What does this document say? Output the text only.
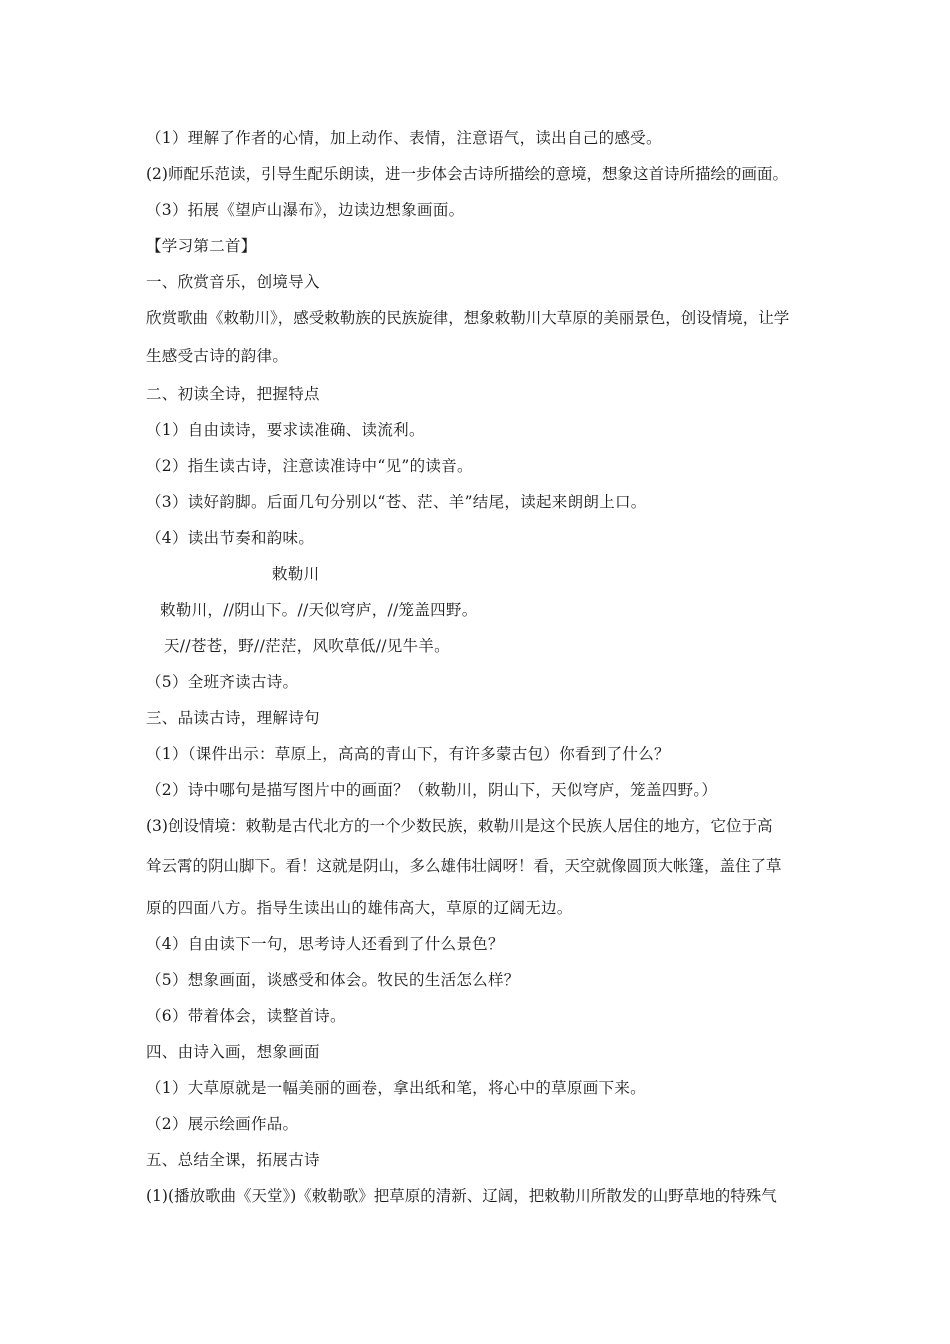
（1）理解了作者的心情，加上动作、表情，注意语气，读出自己的感受。
(2)师配乐范读，引导生配乐朗读，进一步体会古诗所描绘的意境，想象这首诗所描绘的画面。
（3）拓展《望庐山瀑布》，边读边想象画面。
【学习第二首】
一、欣赏音乐，创境导入
欣赏歌曲《敕勒川》，感受敕勒族的民族旋律，想象敕勒川大草原的美丽景色，创设情境，让学
生感受古诗的韵律。
二、初读全诗，把握特点
（1）自由读诗，要求读准确、读流利。
（2）指生读古诗，注意读准诗中“见”的读音。
（3）读好韵脚。后面几句分别以“苍、茫、羊”结尾，读起来朗朗上口。
（4）读出节奏和韵味。
敕勒川
敕勒川，//阴山下。//天似穹庐，//笼盖四野。
天//苍苍，野//茫茫，风吹草低//见牛羊。
（5）全班齐读古诗。
三、品读古诗，理解诗句
（1）（课件出示：草原上，高高的青山下，有许多蒙古包）你看到了什么？
（2）诗中哪句是描写图片中的画面？（敕勒川，阴山下，天似穹庐，笼盖四野。）
(3)创设情境：敕勒是古代北方的一个少数民族，敕勒川是这个民族人居住的地方，它位于高
耸云霄的阴山脚下。看！这就是阴山，多么雄伟壮阔呀！看，天空就像圆顶大帐篷，盖住了草
原的四面八方。指导生读出山的雄伟高大，草原的辽阔无边。
（4）自由读下一句，思考诗人还看到了什么景色？
（5）想象画面，谈感受和体会。牧民的生活怎么样？
（6）带着体会，读整首诗。
四、由诗入画，想象画面
（1）大草原就是一幅美丽的画卷，拿出纸和笔，将心中的草原画下来。
（2）展示绘画作品。
五、总结全课，拓展古诗
(1)(播放歌曲《天堂》)《敕勒歌》把草原的清新、辽阔，把敕勒川所散发的山野草地的特殊气
